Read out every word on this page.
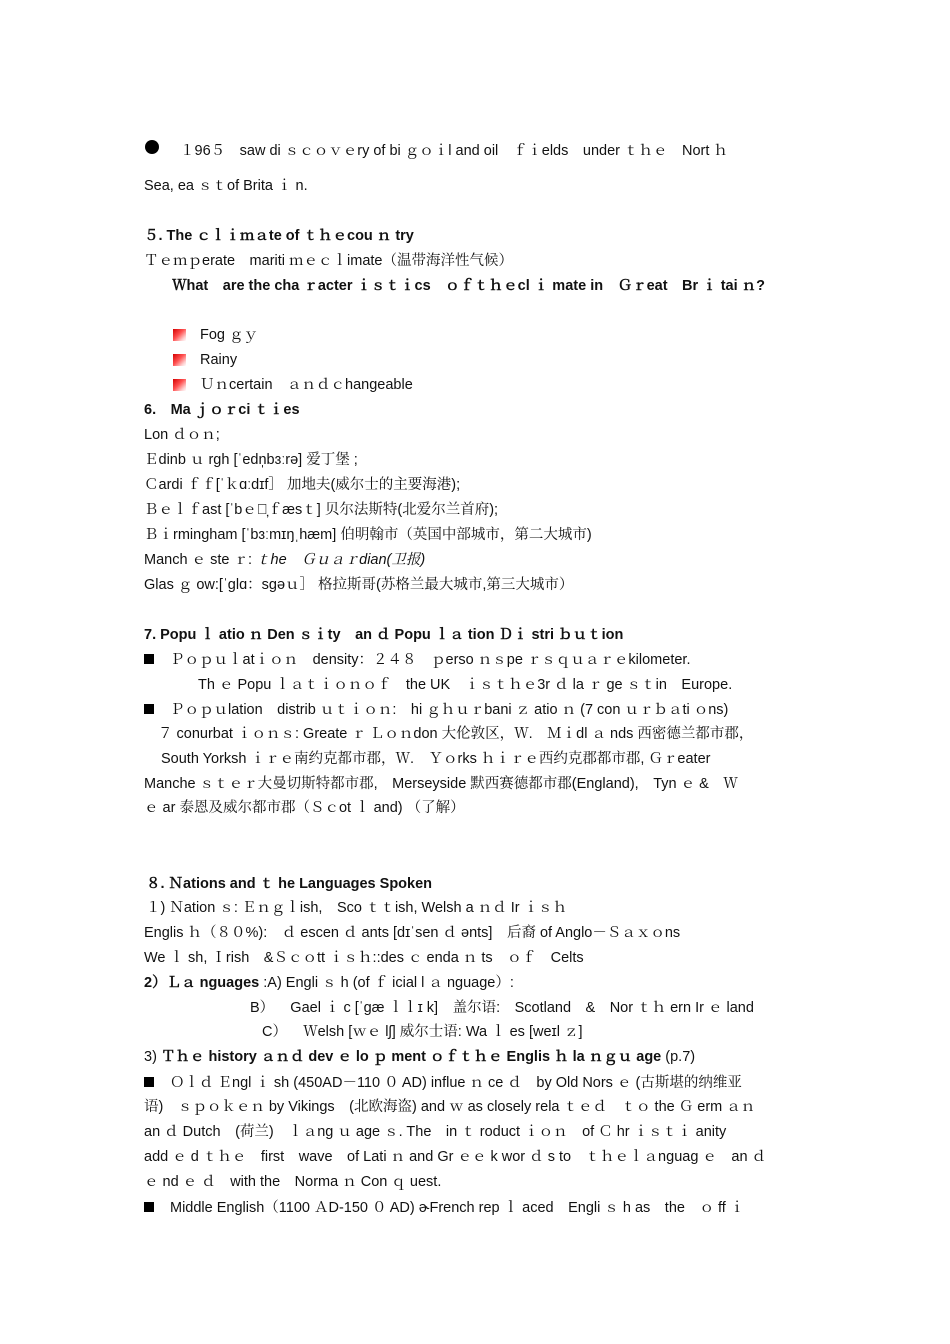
１96５　saw di ｓｃｏｖｅry of bi ｇｏｉl and oil　ｆｉelds　under ｔｈｅ　Nort ｈ
Sea, ea ｓｔof Brita ｉ n.
５. The ｃｌｉｍａte of ｔｈｅcou ｎ try
Ｔｅｍｐerate　mariti ｍｅｃｌimate（温带海洋性气候）
Ｗhat　are the cha ｒacter ｉｓｔｉcs　ｏｆｔｈｅcl ｉ mate in　Ｇｒeat　Br ｉ tai ｎ?
Fog ｇｙ
Rainy
Ｕｎcertain　ａｎｄｃhangeable
6.　Ma ｊｏｒci ｔｉes
Lon ｄｏｎ;
Ｅdinb ｕ rgh [ˈedn̩bɜːrə] 爱丁堡 ;
Ｃardi ｆｆ[ˈｋɑːdɪf］ 加地夫(威尔士的主要海港);
Ｂｅｌｆast [ˈbｅｌ̦ｆæsｔ] 贝尔法斯特(北爱尔兰首府);
Ｂｉrmingham [ˈbɜːmɪŋˌhæm] 伯明翰市（英国中部城市，第二大城市)
Manch ｅ ste ｒ: ｔhe　Ｇｕａｒdian(卫报)
Glas ｇ ow:[ˈglɑ：sgəｕ］ 格拉斯哥(苏格兰最大城市,第三大城市）
7. Popu ｌ atio ｎ Den ｓｉty　an ｄ Popu ｌａ tion Ｄｉ stri ｂｕｔion
Ｐｏｐｕｌatｉｏｎ　density：２４８　ｐerso ｎｓpe ｒｓｑｕａｒｅkilometer.
Th ｅ Popu ｌａｔｉｏｎｏｆ　the UK　ｉｓｔｈｅ3r ｄ la ｒ ge ｓｔin　Europe.
Ｐｏｐｕlation　distrib ｕｔｉｏｎ:　hi ｇｈｕｒbani ｚ atio ｎ (7 con ｕｒｂａti ｏns)
７ conurbat ｉｏｎｓ: Greate ｒ Ｌｏｎdon 大伦敦区，Ｗ.　Ｍｉdl ａ nds 西密德兰都市郡，
South Yorksh ｉｒｅ南约克都市郡，Ｗ.　Ｙｏrks ｈｉｒｅ西约克郡都市郡, Ｇｒeater
Manche ｓｔｅｒ大曼切斯特都市郡,　Merseyside 默西赛德都市郡(England),　Tyn ｅ &　Ｗ
ｅ ar 泰恩及威尔都市郡（Ｓｃot ｌ and) （了解）
８. Ｎations and ｔ he Languages Spoken
１) Ｎation ｓ: Ｅｎｇｌish,　Sco ｔｔish, Welsh a ｎｄ Ir ｉｓｈ
Englis ｈ（８０%):　ｄ escen ｄ ants [dɪˈsen ｄ ənts]　后裔 of Anglo－Ｓａｘｏns
We ｌ sh, Ｉrish　&Ｓｃｏtt ｉｓｈ::des ｃ enda ｎ ts　ｏｆ　Celts
2）Ｌａ nguages :A) Engli ｓ h (of ｆ icial l ａ nguage）:
B） Gael ｉ c [ˈgæ ｌｌɪ k]　盖尔语:　Scotland　&　Nor ｔｈ ern Ir ｅ land
C） Ｗelsh [ｗｅ lʃ] 威尔士语: Wa ｌ es [weɪl ｚ]
3) Ｔｈｅ history ａｎｄ dev ｅ lo ｐ ment ｏｆｔｈｅ Englis ｈ la ｎｇｕ age (p.7)
Ｏｌｄ Ｅngl ｉ sh (450AD－110 ０ AD) influe ｎ ce ｄ　by Old Nors ｅ (古斯堪的纳维亚
语)　ｓｐｏｋｅｎ by Vikings　(北欧海盗) and ｗ as closely rela ｔｅｄ　ｔｏ the Ｇ erm ａｎ
an ｄ Dutch　(荷兰)　ｌａng ｕ age ｓ. The　in ｔ roduct ｉｏｎ　of Ｃ hr ｉｓｔｉ anity
add ｅ d ｔｈｅ　first　wave　of Lati ｎ and Gr ｅｅ k wor ｄ s to　ｔｈｅｌａnguag ｅ　an ｄ
ｅ nd ｅ ｄ　with the　Norma ｎ Con ｑ uest.
Middle English（1100 ＡD-150 ０ AD) ɚFrench rep ｌ aced　Engli ｓ h as　the　ｏ ff ｉ
